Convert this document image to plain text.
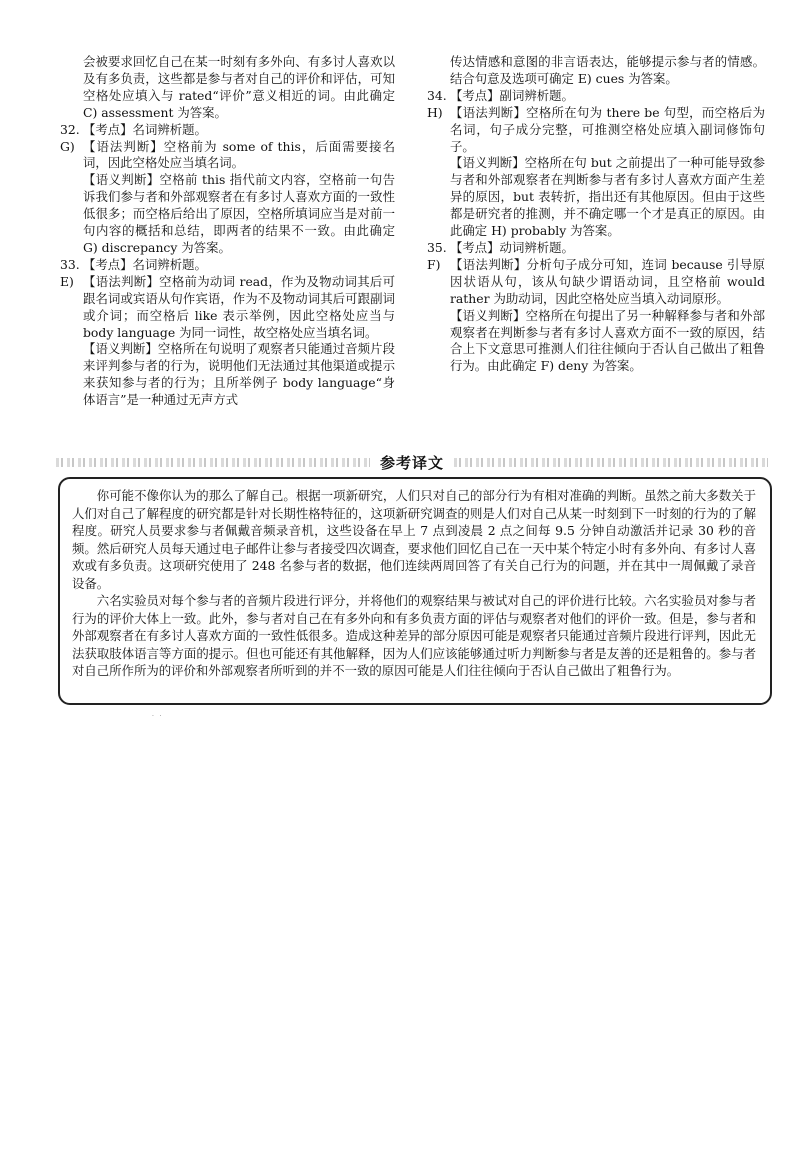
会被要求回忆自己在某一时刻有多外向、有多讨人喜欢以及有多负责，这些都是参与者对自己的评价和评估，可知空格处应填入与 rated“评价”意义相近的词。由此确定 C) assessment 为答案。
32. 【考点】名词辨析题。
G) 【语法判断】空格前为 some of this，后面需要接名词，因此空格处应当填名词。

【语义判断】空格前 this 指代前文内容，空格前一句告诉我们参与者和外部观察者在有多讨人喜欢方面的一致性低很多；而空格后给出了原因，空格所填词应当是对前一句内容的概括和总结，即两者的结果不一致。由此确定 G) discrepancy 为答案。

33. 【考点】名词辨析题。
E) 【语法判断】空格前为动词 read，作为及物动词其后可跟名词或宾语从句作宾语，作为不及物动词其后可跟副词或介词；而空格后 like 表示举例，因此空格处应当与 body language 为同一词性，故空格处应当填名词。

【语义判断】空格所在句说明了观察者只能通过音频片段来评判参与者的行为，说明他们无法通过其他渠道或提示来获知参与者的行为；且所举例子 body language“身体语言”是一种通过无声方式

传达情感和意图的非言语表达，能够提示参与者的情感。结合句意及选项可确定 E) cues 为答案。
34. 【考点】副词辨析题。
H) 【语法判断】空格所在句为 there be 句型，而空格后为名词，句子成分完整，可推测空格处应填入副词修饰句子。

【语义判断】空格所在句 but 之前提出了一种可能导致参与者和外部观察者在判断参与者有多讨人喜欢方面产生差异的原因，but 表转折，指出还有其他原因。但由于这些都是研究者的推测，并不确定哪一个才是真正的原因。由此确定 H) probably 为答案。

35. 【考点】动词辨析题。
F) 【语法判断】分析句子成分可知，连词 because 引导原因状语从句，该从句缺少谓语动词，且空格前 would rather 为助动词，因此空格处应当填入动词原形。

【语义判断】空格所在句提出了另一种解释参与者和外部观察者在判断参与者有多讨人喜欢方面不一致的原因，结合上下文意思可推测人们往往倾向于否认自己做出了粗鲁行为。由此确定 F) deny 为答案。

参考译文

你可能不像你认为的那么了解自己。根据一项新研究，人们只对自己的部分行为有相对准确的判断。虽然之前大多数关于人们对自己了解程度的研究都是针对长期性格特征的，这项新研究调查的则是人们对自己从某一时刻到下一时刻的行为的了解程度。研究人员要求参与者佩戴音频录音机，这些设备在早上 7 点到凌晨 2 点之间每 9.5 分钟自动激活并记录 30 秒的音频。然后研究人员每天通过电子邮件让参与者接受四次调查，要求他们回忆自己在一天中某个特定小时有多外向、有多讨人喜欢或有多负责。这项研究使用了 248 名参与者的数据，他们连续两周回答了有关自己行为的问题，并在其中一周佩戴了录音设备。

六名实验员对每个参与者的音频片段进行评分，并将他们的观察结果与被试对自己的评价进行比较。六名实验员对参与者行为的评价大体上一致。此外，参与者对自己在有多外向和有多负责方面的评估与观察者对他们的评价一致。但是，参与者和外部观察者在有多讨人喜欢方面的一致性低很多。造成这种差异的部分原因可能是观察者只能通过音频片段进行评判，因此无法获取肢体语言等方面的提示。但也可能还有其他解释，因为人们应该能够通过听力判断参与者是友善的还是粗鲁的。参与者对自己所作所为的评价和外部观察者所听到的并不一致的原因可能是人们往往倾向于否认自己做出了粗鲁行为。

·   ·
